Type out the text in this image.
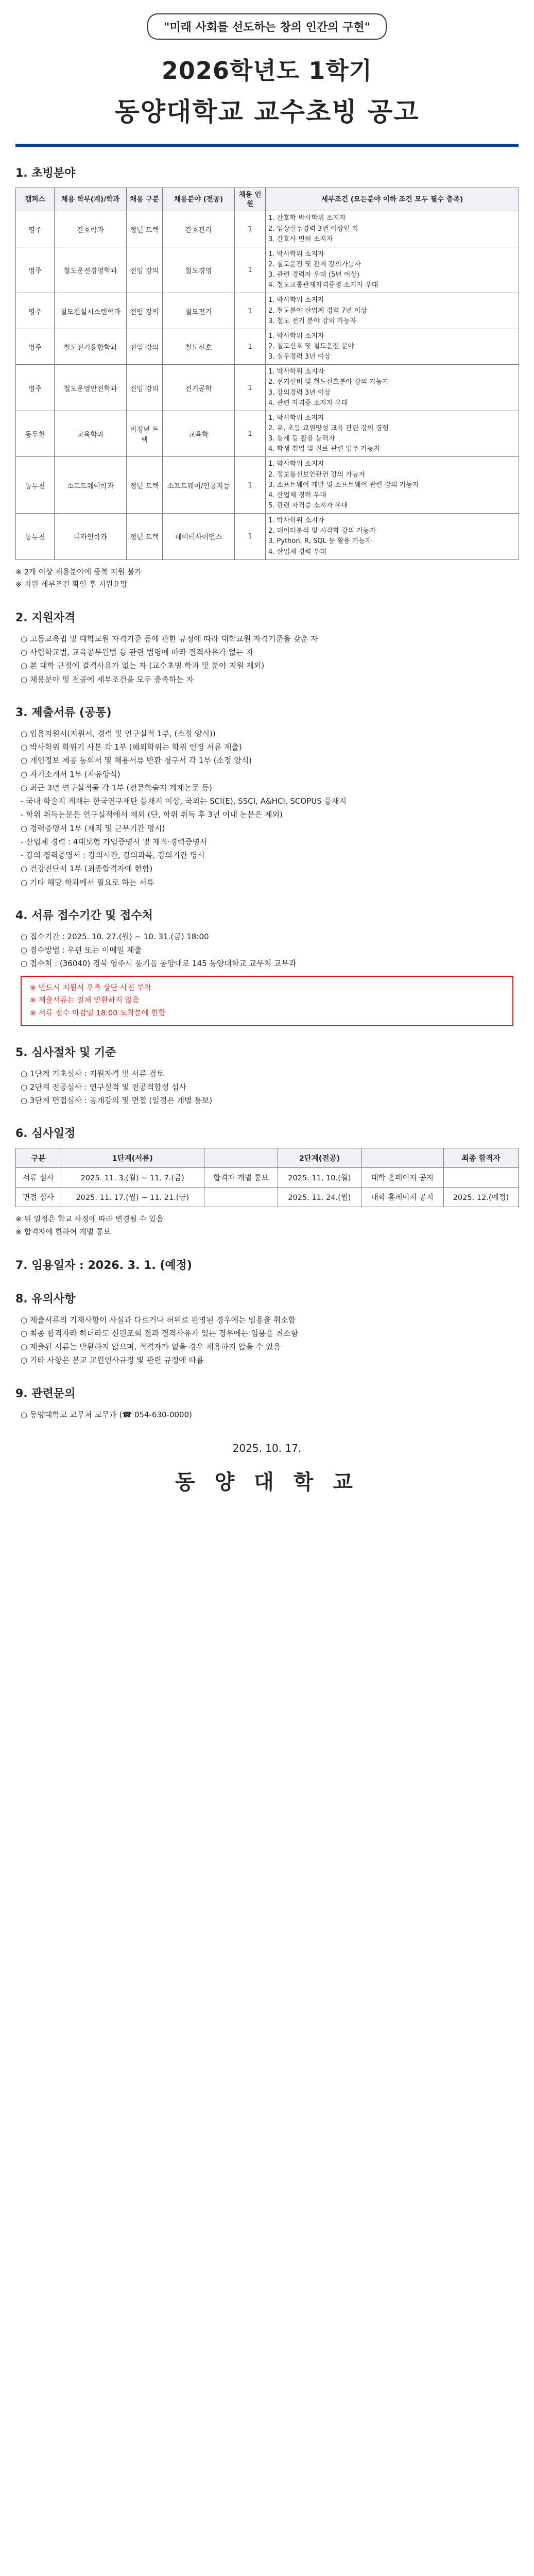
"미래 사회를 선도하는 창의 인간의 구현"
2026학년도 1학기
동양대학교 교수초빙 공고
1. 초빙분야
캠퍼스	채용 학부(계)/학과	채용 구분	채용분야 (전공)	채용 인원	세부조건 (모든분야 이하 조건 모두 필수 충족)
영주	간호학과	정년 트랙	간호관리	1	1. 간호학 박사학위 소지자
2. 임상실무경력 3년 이상인 자
3. 간호사 면허 소지자

영주	철도운전경영학과	전임 강의	철도경영	1	1. 박사학위 소지자
2. 철도운전 및 관제 강의가능자
3. 관련 경력자 우대 (5년 이상)
4. 철도교통관제자격증명 소지자 우대

영주	철도건설시스템학과	전임 강의	철도전기	1	1. 박사학위 소지자
2. 철도분야 산업계 경력 7년 이상
3. 철도 전기 분야 강의 가능자

영주	철도전기융합학과	전임 강의	철도신호	1	1. 박사학위 소지자
2. 철도신호 및 철도운전 분야
3. 실무경력 3년 이상

영주	철도운영안전학과	전임 강의	전기공학	1	1. 박사학위 소지자
2. 전기설비 및 철도신호분야 강의 가능자
3. 강의경력 3년 이상
4. 관련 자격증 소지자 우대

동두천	교육학과	비정년 트랙	교육학	1	1. 박사학위 소지자
2. 유, 초등 교원양성 교육 관련 강의 경험
3. 통계 등 활용 능력자
4. 학생 취업 및 진로 관련 업무 가능자

동두천	소프트웨어학과	정년 트랙	소프트웨어/인공지능	1	1. 박사학위 소지자
2. 정보통신보안관련 강의 가능자
3. 소프트웨어 개발 및 소프트웨어 관련 강의 가능자
4. 산업체 경력 우대
5. 관련 자격증 소지자 우대

동두천	디자인학과	정년 트랙	데이터사이언스	1	1. 박사학위 소지자
2. 데이터분석 및 시각화 강의 가능자
3. Python, R, SQL 등 활용 가능자
4. 산업체 경력 우대
※ 2개 이상 채용분야에 중복 지원 불가
※ 지원 세부조건 확인 후 지원요망
2. 지원자격
○ 고등교육법 및 대학교원 자격기준 등에 관한 규정에 따라 대학교원 자격기준을 갖춘 자
○ 사립학교법, 교육공무원법 등 관련 법령에 따라 결격사유가 없는 자
○ 본 대학 규정에 결격사유가 없는 자 (교수초빙 학과 및 분야 지원 제외)
○ 채용분야 및 전공에 세부조건을 모두 충족하는 자
3. 제출서류 (공통)
○ 임용지원서(지원서, 경력 및 연구실적 1부, (소정 양식))
○ 박사학위 학위기 사본 각 1부 (해외학위는 학위 인정 서류 제출)
○ 개인정보 제공 동의서 및 채용서류 반환 청구서 각 1부 (소정 양식)
○ 자기소개서 1부 (자유양식)
○ 최근 3년 연구실적물 각 1부 (전문학술지 게재논문 등)
- 국내 학술지 게재는 한국연구재단 등재지 이상, 국외는 SCI(E), SSCI, A&HCI, SCOPUS 등재지
- 학위 취득논문은 연구실적에서 제외 (단, 학위 취득 후 3년 이내 논문은 제외)
○ 경력증명서 1부 (재직 및 근무기간 명시)
- 산업체 경력 : 4대보험 가입증명서 및 재직·경력증명서
- 강의 경력증명서 : 강의시간, 강의과목, 강의기간 명시
○ 건강진단서 1부 (최종합격자에 한함)
○ 기타 해당 학과에서 필요로 하는 서류
4. 서류 접수기간 및 접수처
○ 접수기간 : 2025. 10. 27.(월) ~ 10. 31.(금) 18:00
○ 접수방법 : 우편 또는 이메일 제출
○ 접수처 : (36040) 경북 영주시 풍기읍 동양대로 145 동양대학교 교무처 교무과
※ 반드시 지원서 우측 상단 사진 부착
※ 제출서류는 일체 반환하지 않음
※ 서류 접수 마감일 18:00 도착분에 한함
5. 심사절차 및 기준
○ 1단계 기초심사 : 지원자격 및 서류 검토
○ 2단계 전공심사 : 연구실적 및 전공적합성 심사
○ 3단계 면접심사 : 공개강의 및 면접 (일정은 개별 통보)
6. 심사일정
구분	1단계(서류)		2단계(전공)		최종 합격자
서류 심사	2025. 11. 3.(월) ~ 11. 7.(금)	합격자 개별 통보	2025. 11. 10.(월)	대학 홈페이지 공지	
면접 심사	2025. 11. 17.(월) ~ 11. 21.(금)		2025. 11. 24.(월)	대학 홈페이지 공지	2025. 12.(예정)
※ 위 일정은 학교 사정에 따라 변경될 수 있음
※ 합격자에 한하여 개별 통보
7. 임용일자 : 2026. 3. 1. (예정)
8. 유의사항
○ 제출서류의 기재사항이 사실과 다르거나 허위로 판명된 경우에는 임용을 취소함
○ 최종 합격자라 하더라도 신원조회 결과 결격사유가 있는 경우에는 임용을 취소함
○ 제출된 서류는 반환하지 않으며, 적격자가 없을 경우 채용하지 않을 수 있음
○ 기타 사항은 본교 교원인사규정 및 관련 규정에 따름
9. 관련문의
○ 동양대학교 교무처 교무과 (☎ 054-630-0000)
2025. 10. 17.
동 양 대 학 교
